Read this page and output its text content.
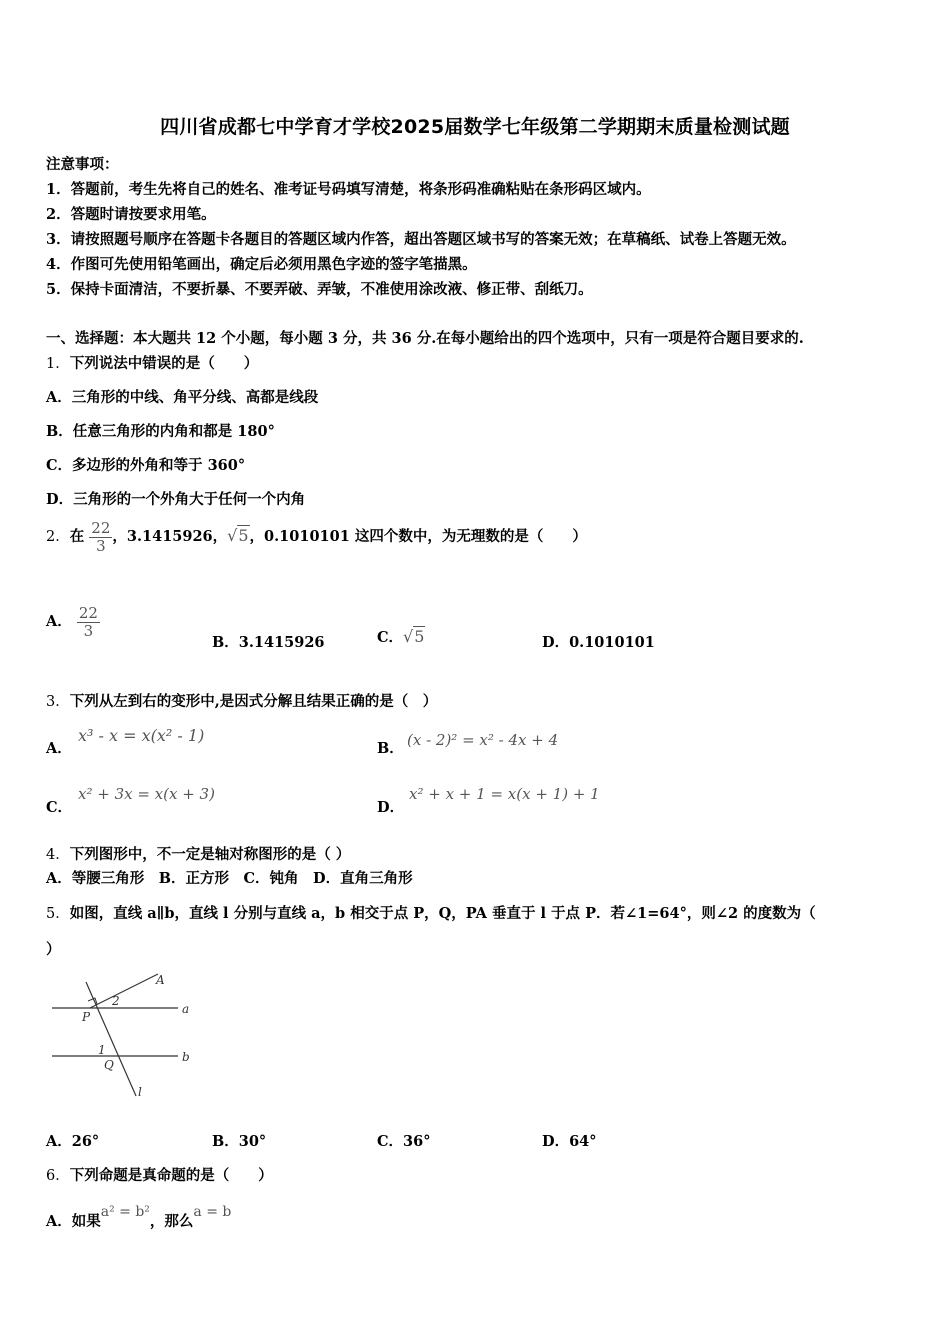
四川省成都七中学育才学校2025届数学七年级第二学期期末质量检测试题
注意事项：
1．答题前，考生先将自己的姓名、准考证号码填写清楚，将条形码准确粘贴在条形码区域内。
2．答题时请按要求用笔。
3．请按照题号顺序在答题卡各题目的答题区域内作答，超出答题区域书写的答案无效；在草稿纸、试卷上答题无效。
4．作图可先使用铅笔画出，确定后必须用黑色字迹的签字笔描黑。
5．保持卡面清洁，不要折暴、不要弄破、弄皱，不准使用涂改液、修正带、刮纸刀。
一、选择题：本大题共 12 个小题，每小题 3 分，共 36 分.在每小题给出的四个选项中，只有一项是符合题目要求的.
1．下列说法中错误的是（　　）
A．三角形的中线、角平分线、高都是线段
B．任意三角形的内角和都是 180°
C．多边形的外角和等于 360°
D．三角形的一个外角大于任何一个内角
2．在 $\frac{22}{3}$ ，3.1415926，√5，0.1010101 这四个数中，为无理数的是（　　）
A． $\frac{22}{3}$
B．3.1415926	C．√5	D．0.1010101
3．下列从左到右的变形中,是因式分解且结果正确的是（　）
A．
x³ - x = x(x² - 1)
B． (x - 2)² = x² - 4x + 4
C．
x² + 3x = x(x + 3)
D．
x² + x + 1 = x(x + 1) + 1
4．下列图形中，不一定是轴对称图形的是（ ）
A．等腰三角形　B．正方形　C．钝角　D．直角三角形
5．如图，直线 a∥b，直线 l 分别与直线 a，b 相交于点 P，Q，PA 垂直于 l 于点 P．若∠1=64°，则∠2 的度数为（
）
A
2
P
a
1
Q
b
l
A．26°	B．30°	C．36°	D．64°
6．下列命题是真命题的是（　　）
A．如果a² = b²，那么a = b
